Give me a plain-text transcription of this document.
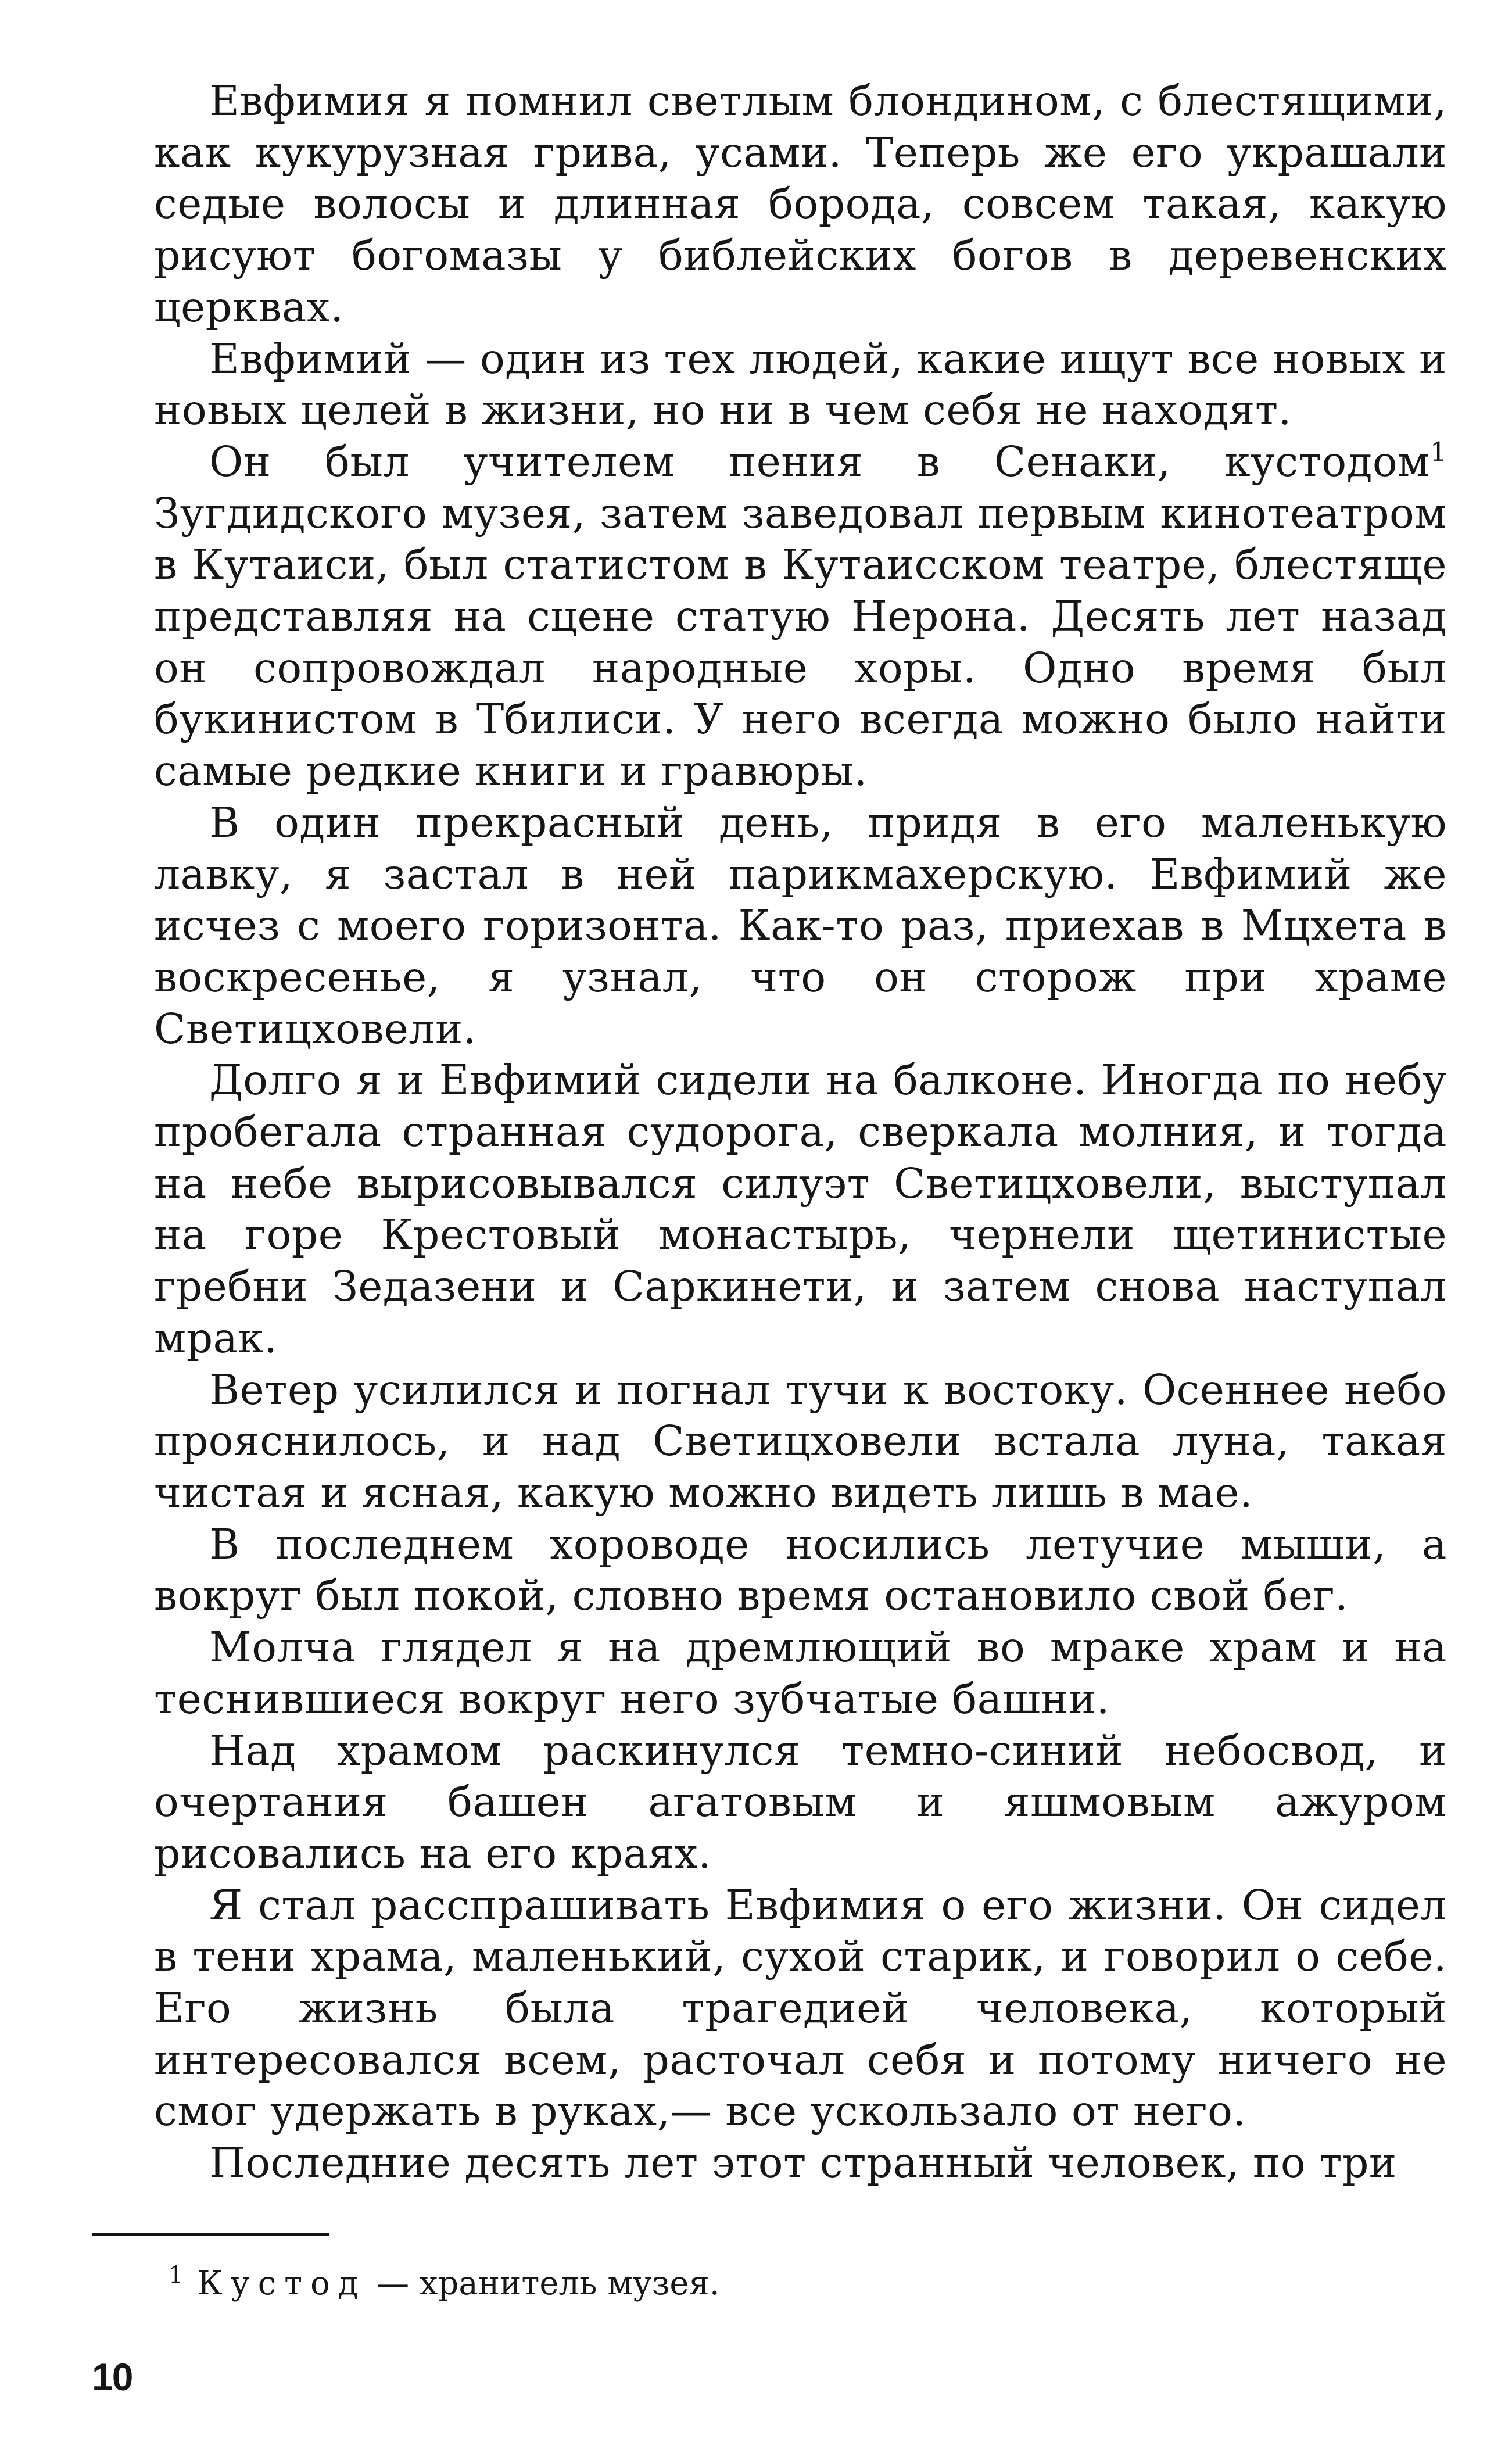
Евфимия я помнил светлым блондином, с блестящими, как кукурузная грива, усами. Теперь же его украшали седые волосы и длинная борода, совсем такая, какую рисуют богомазы у библейских богов в деревенских церквах.

Евфимий — один из тех людей, какие ищут все новых и новых целей в жизни, но ни в чем себя не находят.

Он был учителем пения в Сенаки, кустодом$^1$ Зугдидского музея, затем заведовал первым кинотеатром в Кутаиси, был статистом в Кутаисском театре, блестяще представляя на сцене статую Нерона. Десять лет назад он сопровождал народные хоры. Одно время был букинистом в Тбилиси. У него всегда можно было найти самые редкие книги и гравюры.

В один прекрасный день, придя в его маленькую лавку, я застал в ней парикмахерскую. Евфимий же исчез с моего горизонта. Как-то раз, приехав в Мцхета в воскресенье, я узнал, что он сторож при храме Светицховели.

Долго я и Евфимий сидели на балконе. Иногда по небу пробегала странная судорога, сверкала молния, и тогда на небе вырисовывался силуэт Светицховели, выступал на горе Крестовый монастырь, чернели щетинистые гребни Зедазени и Саркинети, и затем снова наступал мрак.

Ветер усилился и погнал тучи к востоку. Осеннее небо прояснилось, и над Светицховели встала луна, такая чистая и ясная, какую можно видеть лишь в мае.

В последнем хороводе носились летучие мыши, а вокруг был покой, словно время остановило свой бег.

Молча глядел я на дремлющий во мраке храм и на теснившиеся вокруг него зубчатые башни.

Над храмом раскинулся темно-синий небосвод, и очертания башен агатовым и яшмовым ажуром рисовались на его краях.

Я стал расспрашивать Евфимия о его жизни. Он сидел в тени храма, маленький, сухой старик, и говорил о себе. Его жизнь была трагедией человека, который интересовался всем, расточал себя и потому ничего не смог удержать в руках,— все ускользало от него.

Последние десять лет этот странный человек, по три

$^1$ Кустод — хранитель музея.

10
